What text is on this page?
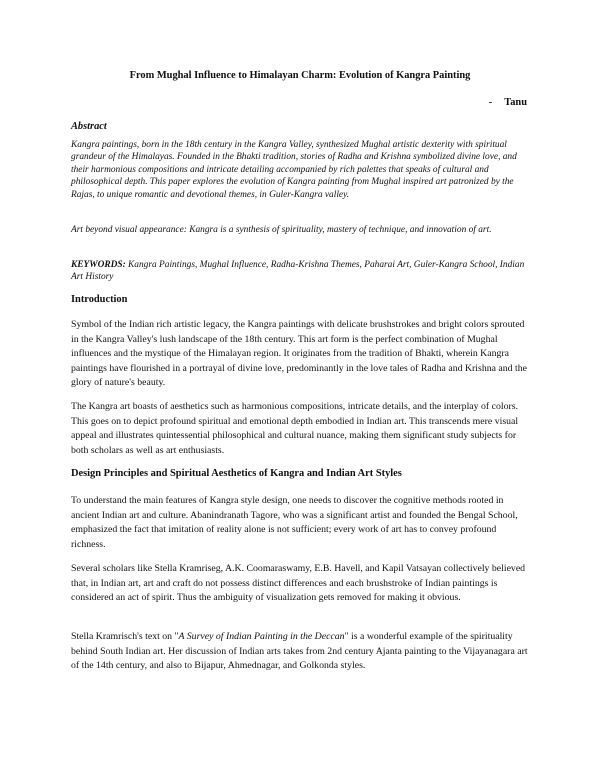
From Mughal Influence to Himalayan Charm: Evolution of Kangra Painting
- Tanu
Abstract

Kangra paintings, born in the 18th century in the Kangra Valley, synthesized Mughal artistic dexterity with spiritual grandeur of the Himalayas. Founded in the Bhakti tradition, stories of Radha and Krishna symbolized divine love, and their harmonious compositions and intricate detailing accompanied by rich palettes that speaks of cultural and philosophical depth. This paper explores the evolution of Kangra painting from Mughal inspired art patronized by the Rajas, to unique romantic and devotional themes, in Guler-Kangra valley.

Art beyond visual appearance: Kangra is a synthesis of spirituality, mastery of technique, and innovation of art.

KEYWORDS: Kangra Paintings, Mughal Influence, Radha-Krishna Themes, Paharai Art, Guler-Kangra School, Indian Art History

Introduction

Symbol of the Indian rich artistic legacy, the Kangra paintings with delicate brushstrokes and bright colors sprouted in the Kangra Valley's lush landscape of the 18th century. This art form is the perfect combination of Mughal influences and the mystique of the Himalayan region. It originates from the tradition of Bhakti, wherein Kangra paintings have flourished in a portrayal of divine love, predominantly in the love tales of Radha and Krishna and the glory of nature's beauty.

The Kangra art boasts of aesthetics such as harmonious compositions, intricate details, and the interplay of colors. This goes on to depict profound spiritual and emotional depth embodied in Indian art. This transcends mere visual appeal and illustrates quintessential philosophical and cultural nuance, making them significant study subjects for both scholars as well as art enthusiasts.

Design Principles and Spiritual Aesthetics of Kangra and Indian Art Styles

To understand the main features of Kangra style design, one needs to discover the cognitive methods rooted in ancient Indian art and culture. Abanindranath Tagore, who was a significant artist and founded the Bengal School, emphasized the fact that imitation of reality alone is not sufficient; every work of art has to convey profound richness.

Several scholars like Stella Kramriseg, A.K. Coomaraswamy, E.B. Havell, and Kapil Vatsayan collectively believed that, in Indian art, art and craft do not possess distinct differences and each brushstroke of Indian paintings is considered an act of spirit. Thus the ambiguity of visualization gets removed for making it obvious.

Stella Kramrisch's text on "A Survey of Indian Painting in the Deccan" is a wonderful example of the spirituality behind South Indian art. Her discussion of Indian arts takes from 2nd century Ajanta painting to the Vijayanagara art of the 14th century, and also to Bijapur, Ahmednagar, and Golkonda styles.
